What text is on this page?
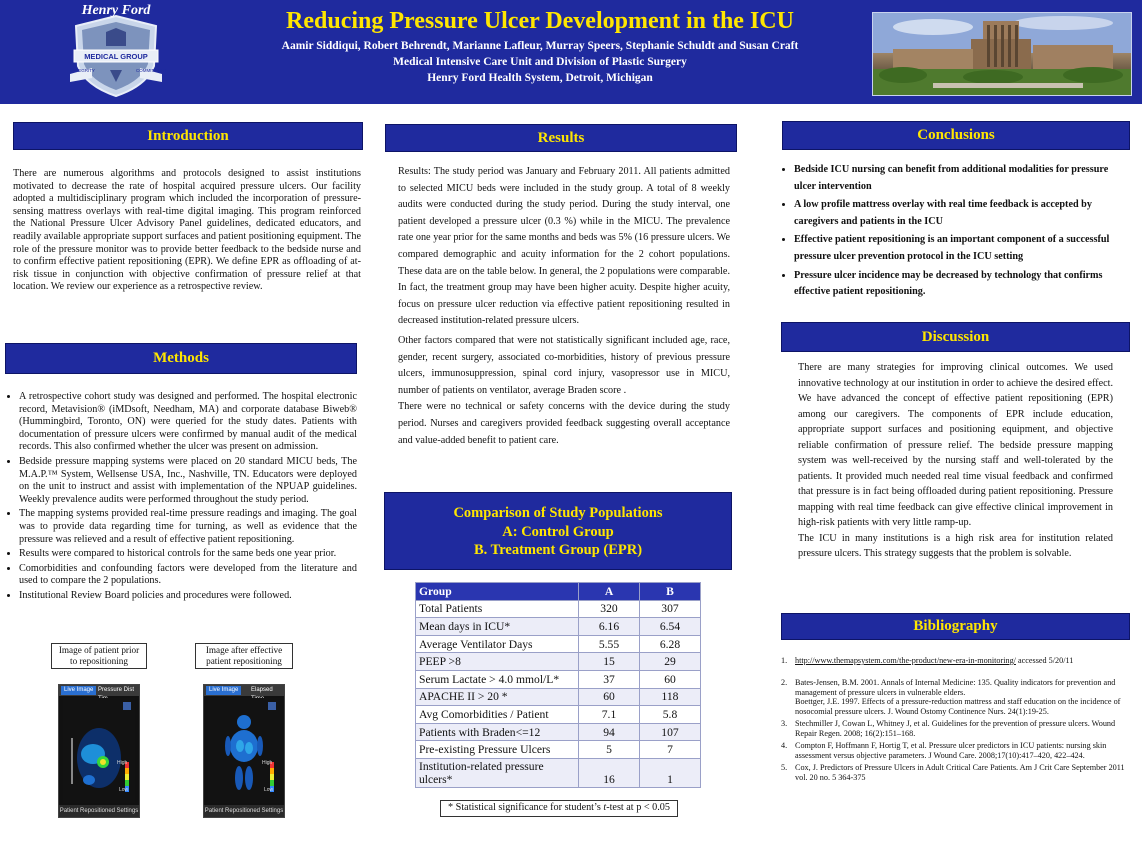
Henry Ford
MEDICAL GROUP
INTEGRITY	COMMITMENT
Reducing Pressure Ulcer Development in the ICU
Aamir Siddiqui, Robert Behrendt, Marianne Lafleur, Murray Speers, Stephanie Schuldt and Susan Craft
Medical Intensive Care Unit and Division of Plastic Surgery
Henry Ford Health System, Detroit, Michigan
Introduction
There are numerous algorithms and protocols designed to assist institutions motivated to decrease the rate of hospital acquired pressure ulcers. Our facility adopted a multidisciplinary program which included the incorporation of pressure-sensing mattress overlays with real-time digital imaging. This program reinforced the National Pressure Ulcer Advisory Panel guidelines, dedicated educators, and readily available appropriate support surfaces and patient positioning equipment. The role of the pressure monitor was to provide better feedback to the bedside nurse and to confirm effective patient repositioning (EPR). We define EPR as offloading of at-risk tissue in conjunction with objective confirmation of pressure relief at that location. We review our experience as a retrospective review.
Methods
• A retrospective cohort study was designed and performed. The hospital electronic record, Metavision® (iMDsoft, Needham, MA) and corporate database Biweb® (Hummingbird, Toronto, ON) were queried for the study dates. Patients with documentation of pressure ulcers were confirmed by manual audit of the medical records. This also confirmed whether the ulcer was present on admission.
• Bedside pressure mapping systems were placed on 20 standard MICU beds, The M.A.P.™ System, Wellsense USA, Inc., Nashville, TN. Educators were deployed on the unit to instruct and assist with implementation of the NPUAP guidelines. Weekly prevalence audits were performed throughout the study period.
• The mapping systems provided real-time pressure readings and imaging. The goal was to provide data regarding time for turning, as well as evidence that the pressure was relieved and a result of effective patient repositioning.
• Results were compared to historical controls for the same beds one year prior.
• Comorbidities and confounding factors were developed from the literature and used to compare the 2 populations.
• Institutional Review Board policies and procedures were followed.
Image of patient prior
to repositioning
Image after effective
patient repositioning
Live Image Pressure Dist
High
Low
Patient Repositioned Settings
Live Image	Elapsed
High
Low
Patient Repositioned Settings
Results
Results: The study period was January and February 2011. All patients admitted to selected MICU beds were included in the study group. A total of 8 weekly audits were conducted during the study period. During the study interval, one patient developed a pressure ulcer (0.3 %) while in the MICU. The prevalence rate one year prior for the same months and beds was 5% (16 pressure ulcers. We compared demographic and acuity information for the 2 cohort populations. These data are on the table below. In general, the 2 populations were comparable. In fact, the treatment group may have been higher acuity. Despite higher acuity, focus on pressure ulcer reduction via effective patient repositioning resulted in decreased institution-related pressure ulcers.
Other factors compared that were not statistically significant included age, race, gender, recent surgery, associated co-morbidities, history of previous pressure ulcers, immunosuppression, spinal cord injury, vasopressor use in MICU, number of patients on ventilator, average Braden score .
There were no technical or safety concerns with the device during the study period. Nurses and caregivers provided feedback suggesting overall acceptance and value-added benefit to patient care.
Comparison of Study Populations
A: Control Group
B. Treatment Group (EPR)
Group	A	B
Total Patients	320	307
Mean days in ICU*	6.16	6.54
Average Ventilator Days	5.55	6.28
PEEP >8	15	29
Serum Lactate > 4.0 mmol/L*	37	60
APACHE II > 20 *	60	118
Avg Comorbidities / Patient	7.1	5.8
Patients with Braden<=12	94	107
Pre-existing Pressure Ulcers	5	7
Institution-related pressure ulcers*	16	1
* Statistical significance for student’s t-test at p < 0.05
Conclusions
• Bedside ICU nursing can benefit from additional modalities for pressure ulcer intervention
• A low profile mattress overlay with real time feedback is accepted by caregivers and patients in the ICU
• Effective patient repositioning is an important component of a successful pressure ulcer prevention protocol in the ICU setting
• Pressure ulcer incidence may be decreased by technology that confirms effective patient repositioning.
Discussion
There are many strategies for improving clinical outcomes. We used innovative technology at our institution in order to achieve the desired effect. We have advanced the concept of effective patient repositioning (EPR) among our caregivers. The components of EPR include education, appropriate support surfaces and positioning equipment, and objective reliable confirmation of pressure relief. The bedside pressure mapping system was well-received by the nursing staff and well-tolerated by the patients. It provided much needed real time visual feedback and confirmed that pressure is in fact being offloaded during patient repositioning. Pressure mapping with real time feedback can give effective clinical improvement in high-risk patients with very little ramp-up.
The ICU in many institutions is a high risk area for institution related pressure ulcers. This strategy suggests that the problem is solvable.
Bibliography
1. http://www.themapsystem.com/the-product/new-era-in-monitoring/ accessed 5/20/11
2. Bates-Jensen, B.M. 2001. Annals of Internal Medicine: 135. Quality indicators for prevention and management of pressure ulcers in vulnerable elders.
Boettger, J.E. 1997. Effects of a pressure-reduction mattress and staff education on the incidence of nosocomial pressure ulcers. J. Wound Ostomy Continence Nurs. 24(1):19-25.
3. Stechmiller J, Cowan L, Whitney J, et al. Guidelines for the prevention of pressure ulcers. Wound Repair Regen. 2008; 16(2):151–168.
4. Compton F, Hoffmann F, Hortig T, et al. Pressure ulcer predictors in ICU patients: nursing skin assessment versus objective parameters. J Wound Care. 2008;17(10):417–420, 422–424.
5. Cox, J. Predictors of Pressure Ulcers in Adult Critical Care Patients. Am J Crit Care September 2011 vol. 20 no. 5 364-375
